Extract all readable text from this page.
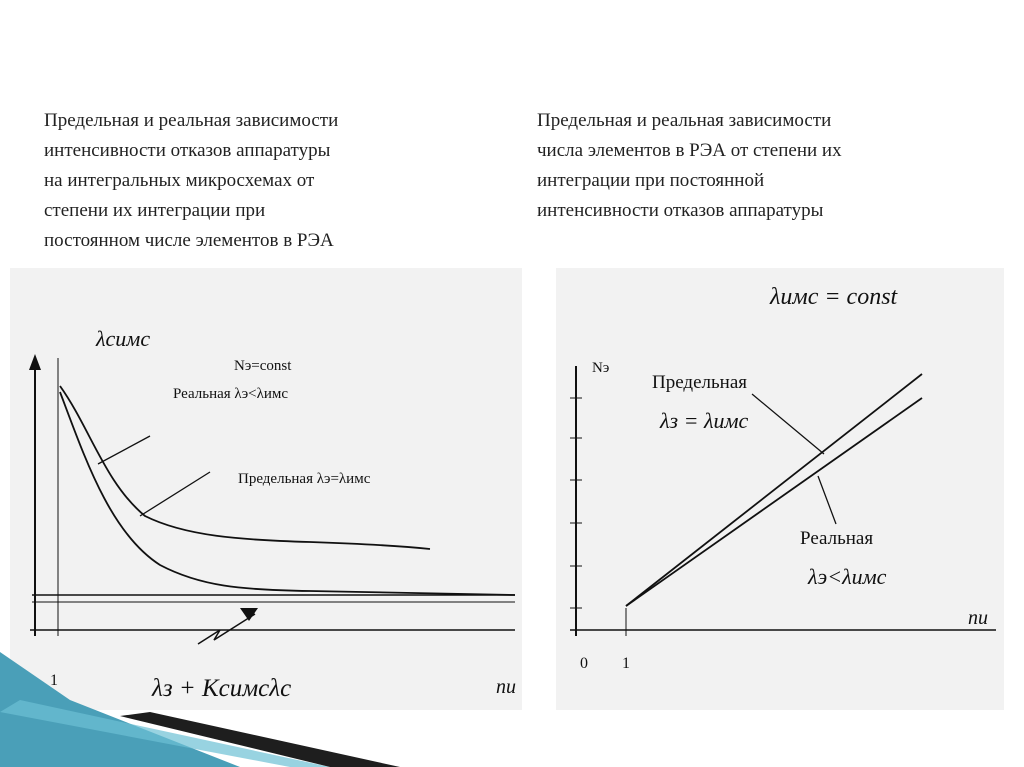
Предельная и реальная зависимости
интенсивности отказов аппаратуры
на интегральных микросхемах от
степени их интеграции при
постоянном числе элементов в РЭА
Предельная и реальная зависимости
числа элементов в РЭА от степени их
интеграции при постоянной
интенсивности отказов аппаратуры
λсимс
Nэ=const
Реальная λэ<λимс
Предельная λэ=λимс
1	nи
λз + Kсимсλс
λимс = const
Nэ
Предельная
λз = λимс
Реальная
λэ<λимс
0 1
nи
